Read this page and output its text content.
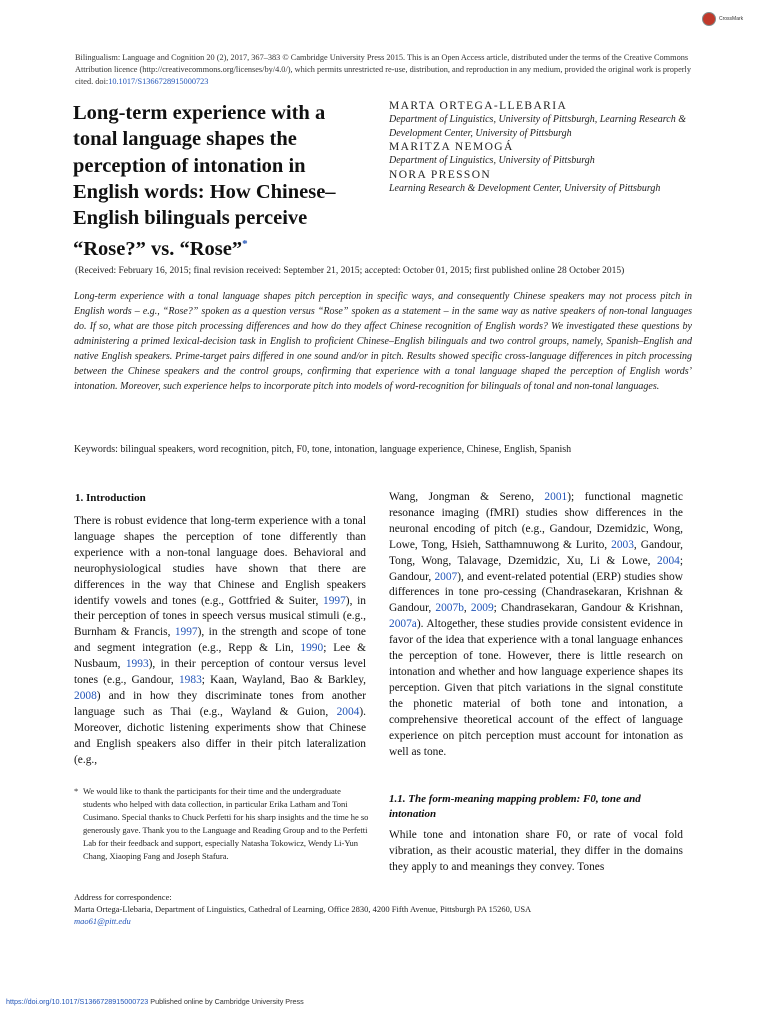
CrossMark
Bilingualism: Language and Cognition 20 (2), 2017, 367–383 © Cambridge University Press 2015. This is an Open Access article, distributed under the terms of the Creative Commons Attribution licence (http://creativecommons.org/licenses/by/4.0/), which permits unrestricted re-use, distribution, and reproduction in any medium, provided the original work is properly cited. doi:10.1017/S1366728915000723
Long-term experience with a tonal language shapes the perception of intonation in English words: How Chinese–English bilinguals perceive “Rose?” vs. “Rose”*
MARTA ORTEGA-LLEBARIA
Department of Linguistics, University of Pittsburgh, Learning Research & Development Center, University of Pittsburgh
MARITZA NEMOGÁ
Department of Linguistics, University of Pittsburgh
NORA PRESSON
Learning Research & Development Center, University of Pittsburgh
(Received: February 16, 2015; final revision received: September 21, 2015; accepted: October 01, 2015; first published online 28 October 2015)
Long-term experience with a tonal language shapes pitch perception in specific ways, and consequently Chinese speakers may not process pitch in English words – e.g., “Rose?” spoken as a question versus “Rose” spoken as a statement – in the same way as native speakers of non-tonal languages do. If so, what are those pitch processing differences and how do they affect Chinese recognition of English words? We investigated these questions by administering a primed lexical-decision task in English to proficient Chinese–English bilinguals and two control groups, namely, Spanish–English and native English speakers. Prime-target pairs differed in one sound and/or in pitch. Results showed specific cross-language differences in pitch processing between the Chinese speakers and the control groups, confirming that experience with a tonal language shaped the perception of English words’ intonation. Moreover, such experience helps to incorporate pitch into models of word-recognition for bilinguals of tonal and non-tonal languages.
Keywords: bilingual speakers, word recognition, pitch, F0, tone, intonation, language experience, Chinese, English, Spanish
1. Introduction
There is robust evidence that long-term experience with a tonal language shapes the perception of tone differently than experience with a non-tonal language does. Behavioral and neurophysiological studies have shown that there are differences in the way that Chinese and English speakers identify vowels and tones (e.g., Gottfried & Suiter, 1997), in their perception of tones in speech versus musical stimuli (e.g., Burnham & Francis, 1997), in the strength and scope of tone and segment integration (e.g., Repp & Lin, 1990; Lee & Nusbaum, 1993), in their perception of contour versus level tones (e.g., Gandour, 1983; Kaan, Wayland, Bao & Barkley, 2008) and in how they discriminate tones from another language such as Thai (e.g., Wayland & Guion, 2004). Moreover, dichotic listening experiments show that Chinese and English speakers also differ in their pitch lateralization (e.g.,
Wang, Jongman & Sereno, 2001); functional magnetic resonance imaging (fMRI) studies show differences in the neuronal encoding of pitch (e.g., Gandour, Dzemidzic, Wong, Lowe, Tong, Hsieh, Satthamnuwong & Lurito, 2003, Gandour, Tong, Wong, Talavage, Dzemidzic, Xu, Li & Lowe, 2004; Gandour, 2007), and event-related potential (ERP) studies show differences in tone pro-cessing (Chandrasekaran, Krishnan & Gandour, 2007b, 2009; Chandrasekaran, Gandour & Krishnan, 2007a). Altogether, these studies provide consistent evidence in favor of the idea that experience with a tonal language enhances the perception of tone. However, there is little research on intonation and whether and how language experience shapes its perception. Given that pitch variations in the signal constitute the phonetic material of both tone and intonation, a comprehensive theoretical account of the effect of language experience on pitch perception must account for intonation as well as tone.
* We would like to thank the participants for their time and the undergraduate students who helped with data collection, in particular Erika Latham and Toni Cusimano. Special thanks to Chuck Perfetti for his sharp insights and the time he so generously gave. Thank you to the Language and Reading Group and to the Perfetti Lab for their feedback and support, especially Natasha Tokowicz, Wendy Li-Yun Chang, Xiaoping Fang and Joseph Stafura.
1.1. The form-meaning mapping problem: F0, tone and intonation
While tone and intonation share F0, or rate of vocal fold vibration, as their acoustic material, they differ in the domains they apply to and meanings they convey. Tones
Address for correspondence:
Marta Ortega-Llebaria, Department of Linguistics, Cathedral of Learning, Office 2830, 4200 Fifth Avenue, Pittsburgh PA 15260, USA
mao61@pitt.edu
https://doi.org/10.1017/S1366728915000723 Published online by Cambridge University Press
